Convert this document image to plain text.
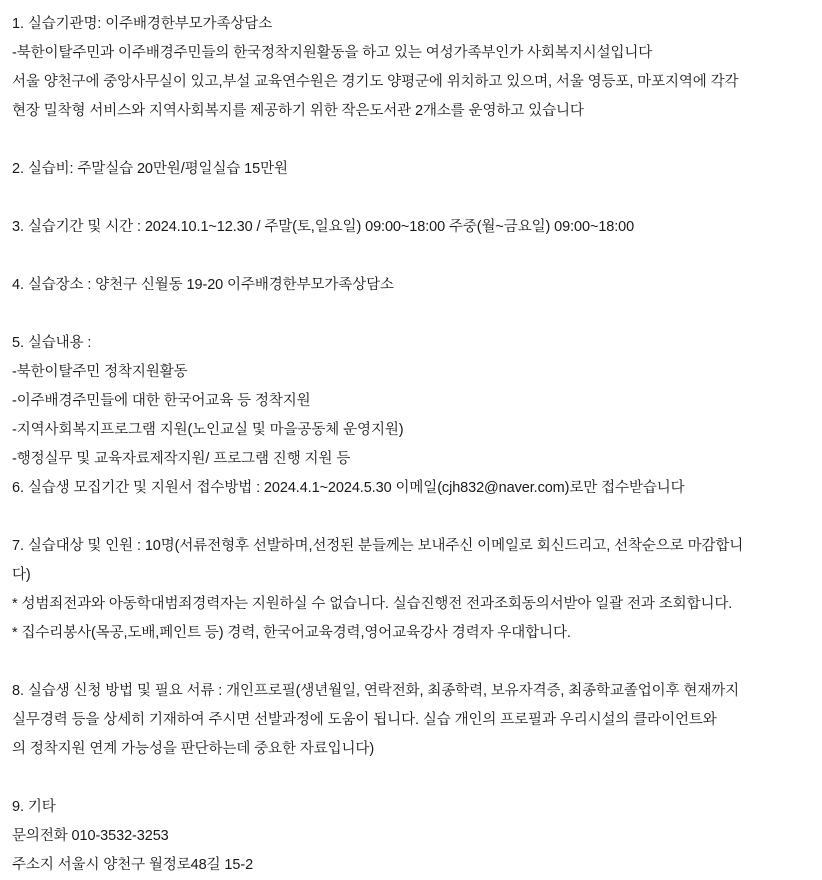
1. 실습기관명: 이주배경한부모가족상담소

-북한이탈주민과 이주배경주민들의 한국정착지원활동을 하고 있는 여성가족부인가 사회복지시설입니다

서울 양천구에 중앙사무실이 있고,부설 교육연수원은 경기도 양평군에 위치하고 있으며, 서울 영등포, 마포지역에 각각

현장 밀착형 서비스와 지역사회복지를 제공하기 위한 작은도서관 2개소를 운영하고 있습니다

2. 실습비: 주말실습 20만원/평일실습 15만원

3. 실습기간 및 시간 : 2024.10.1~12.30 / 주말(토,일요일) 09:00~18:00 주중(월~금요일) 09:00~18:00

4. 실습장소 : 양천구 신월동 19-20 이주배경한부모가족상담소

5. 실습내용 :

-북한이탈주민 정착지원활동

-이주배경주민들에 대한 한국어교육 등 정착지원

-지역사회복지프로그램 지원(노인교실 및 마을공동체 운영지원)

-행정실무 및 교육자료제작지원/ 프로그램 진행 지원 등

6. 실습생 모집기간 및 지원서 접수방법 : 2024.4.1~2024.5.30 이메일(cjh832@naver.com)로만 접수받습니다

7. 실습대상 및 인원 : 10명(서류전형후 선발하며,선정된 분들께는 보내주신 이메일로 회신드리고, 선착순으로 마감합니

다)

* 성범죄전과와 아동학대범죄경력자는 지원하실 수 없습니다. 실습진행전 전과조회동의서받아 일괄 전과 조회합니다.

* 집수리봉사(목공,도배,페인트 등) 경력, 한국어교육경력,영어교육강사 경력자 우대합니다.

8. 실습생 신청 방법 및 필요 서류 : 개인프로필(생년월일, 연락전화, 최종학력, 보유자격증, 최종학교졸업이후 현재까지

실무경력 등을 상세히 기재하여 주시면 선발과정에 도움이 됩니다. 실습 개인의 프로필과 우리시설의 클라이언트와

의 정착지원 연계 가능성을 판단하는데 중요한 자료입니다)

9. 기타

문의전화 010-3532-3253

주소지 서울시 양천구 월정로48길 15-2
